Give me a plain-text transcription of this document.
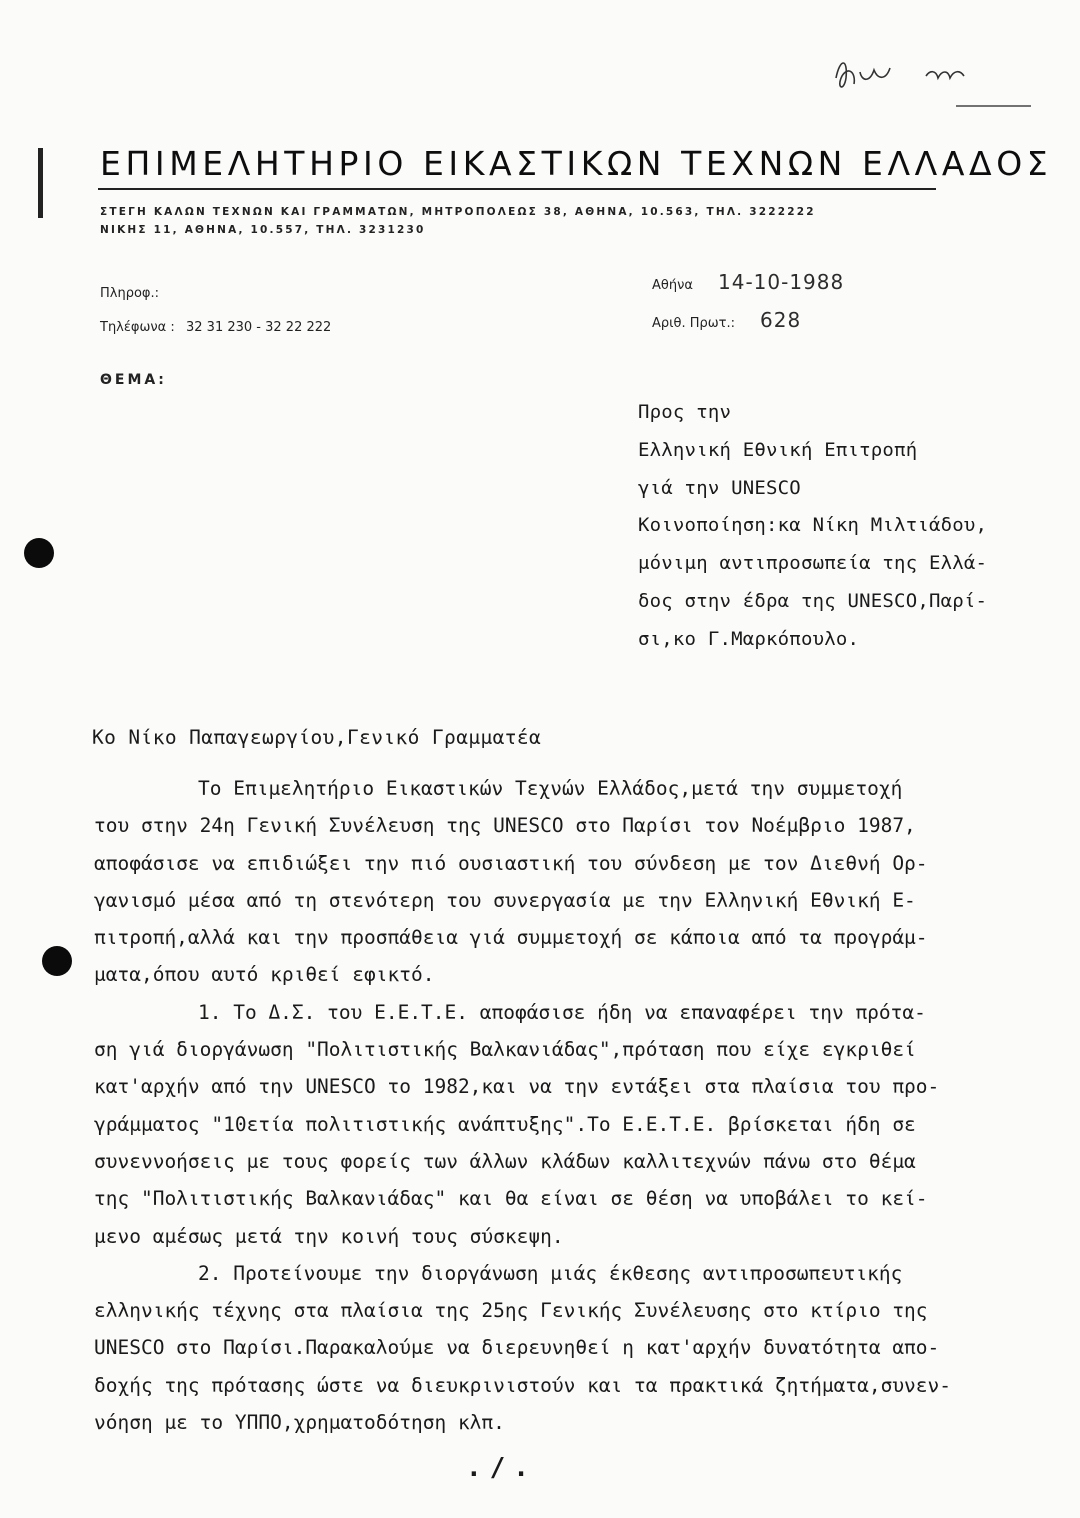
ΕΠΙΜΕΛΗΤΗΡΙΟ ΕΙΚΑΣΤΙΚΩΝ ΤΕΧΝΩΝ ΕΛΛΑΔΟΣ
ΣΤΕΓΗ ΚΑΛΩΝ ΤΕΧΝΩΝ ΚΑΙ ΓΡΑΜΜΑΤΩΝ, ΜΗΤΡΟΠΟΛΕΩΣ 38, ΑΘΗΝΑ, 10.563, ΤΗΛ. 3222222
ΝΙΚΗΣ 11, ΑΘΗΝΑ, 10.557, ΤΗΛ. 3231230
Πληροφ.:
Τηλέφωνα : 32 31 230 - 32 22 222
Αθήνα 14-10-1988
Αριθ. Πρωτ.: 628
ΘΕΜΑ:
Προς την
Ελληνική Εθνική Επιτροπή
γιά την UNESCO
Κοινοποίηση:κα Νίκη Μιλτιάδου,
μόνιμη αντιπροσωπεία της Ελλά-
δος στην έδρα της UNESCO,Παρί-
σι,κο Γ.Μαρκόπουλο.
Κο Νίκο Παπαγεωργίου,Γενικό Γραμματέα
Το Επιμελητήριο Εικαστικών Τεχνών Ελλάδος,μετά την συμμετοχή
του στην 24η Γενική Συνέλευση της UNESCO στο Παρίσι τον Νοέμβριο 1987,
αποφάσισε να επιδιώξει την πιό ουσιαστική του σύνδεση με τον Διεθνή Ορ-
γανισμό μέσα από τη στενότερη του συνεργασία με την Ελληνική Εθνική Ε-
πιτροπή,αλλά και την προσπάθεια γιά συμμετοχή σε κάποια από τα προγράμ-
ματα,όπου αυτό κριθεί εφικτό.
1. Το Δ.Σ. του Ε.Ε.Τ.Ε. αποφάσισε ήδη να επαναφέρει την πρότα-
ση γιά διοργάνωση "Πολιτιστικής Βαλκανιάδας",πρόταση που είχε εγκριθεί
κατ'αρχήν από την UNESCO το 1982,και να την εντάξει στα πλαίσια του προ-
γράμματος "10ετία πολιτιστικής ανάπτυξης".Το Ε.Ε.Τ.Ε. βρίσκεται ήδη σε
συνεννοήσεις με τους φορείς των άλλων κλάδων καλλιτεχνών πάνω στο θέμα
της "Πολιτιστικής Βαλκανιάδας" και θα είναι σε θέση να υποβάλει το κεί-
μενο αμέσως μετά την κοινή τους σύσκεψη.
2. Προτείνουμε την διοργάνωση μιάς έκθεσης αντιπροσωπευτικής
ελληνικής τέχνης στα πλαίσια της 25ης Γενικής Συνέλευσης στο κτίριο της
UNESCO στο Παρίσι.Παρακαλούμε να διερευνηθεί η κατ'αρχήν δυνατότητα απο-
δοχής της πρότασης ώστε να διευκρινιστούν και τα πρακτικά ζητήματα,συνεν-
νόηση με το ΥΠΠΟ,χρηματοδότηση κλπ.
./.
